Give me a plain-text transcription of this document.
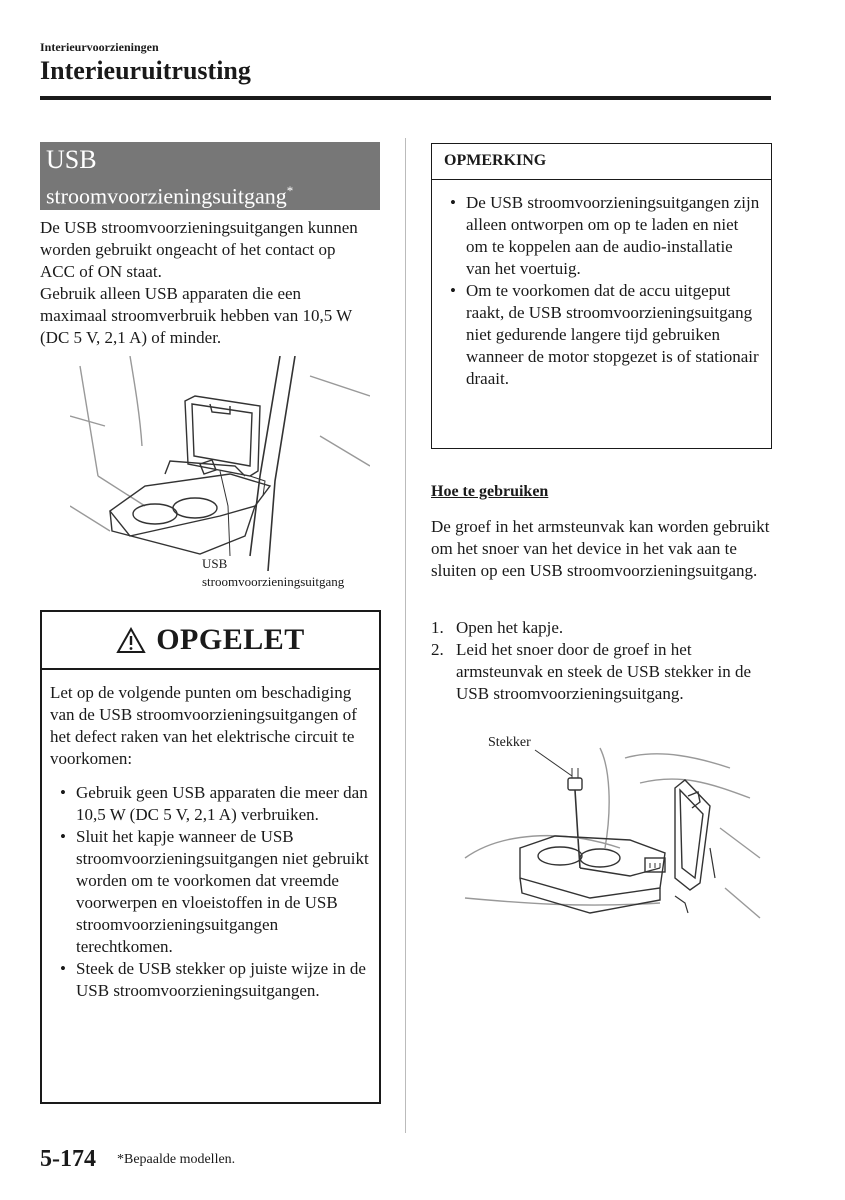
Interieurvoorzieningen
Interieuruitrusting
USB
stroomvoorzieningsuitgang*

De USB stroomvoorzieningsuitgangen kunnen worden gebruikt ongeacht of het contact op ACC of ON staat.

Gebruik alleen USB apparaten die een maximaal stroomverbruik hebben van 10,5 W (DC 5 V, 2,1 A) of minder.

USB
stroomvoorzieningsuitgang
OPGELET

Let op de volgende punten om beschadiging van de USB stroomvoorzieningsuitgangen of het defect raken van het elektrische circuit te voorkomen:

• Gebruik geen USB apparaten die meer dan 10,5 W (DC 5 V, 2,1 A) verbruiken.
• Sluit het kapje wanneer de USB stroomvoorzieningsuitgangen niet gebruikt worden om te voorkomen dat vreemde voorwerpen en vloeistoffen in de USB stroomvoorzieningsuitgangen terechtkomen.
• Steek de USB stekker op juiste wijze in de USB stroomvoorzieningsuitgangen.
OPMERKING
• De USB stroomvoorzieningsuitgangen zijn alleen ontworpen om op te laden en niet om te koppelen aan de audio-installatie van het voertuig.
• Om te voorkomen dat de accu uitgeput raakt, de USB stroomvoorzieningsuitgang niet gedurende langere tijd gebruiken wanneer de motor stopgezet is of stationair draait.
Hoe te gebruiken
De groef in het armsteunvak kan worden gebruikt om het snoer van het device in het vak aan te sluiten op een USB stroomvoorzieningsuitgang.
1. Open het kapje.
2. Leid het snoer door de groef in het armsteunvak en steek de USB stekker in de USB stroomvoorzieningsuitgang.
Stekker
5-174 *Bepaalde modellen.
